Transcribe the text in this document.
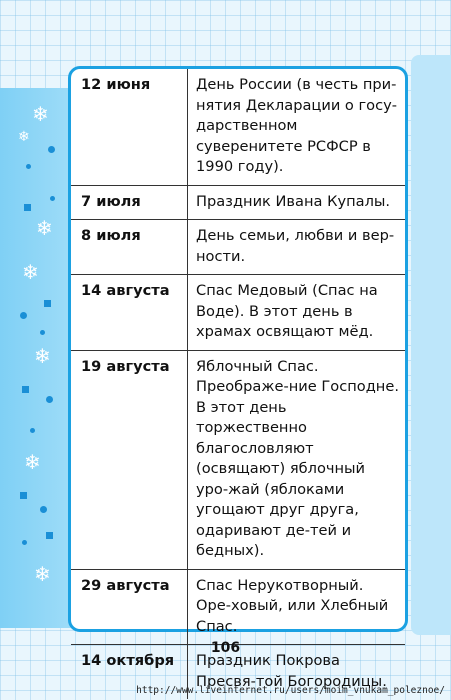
❄
❄
❄
❄
❄
❄
❄
12 июня	День России (в честь при-нятия Декларации о госу-дарственном суверенитете РСФСР в 1990 году).
7 июля	Праздник Ивана Купалы.
8 июля	День семьи, любви и вер-ности.
14 августа	Спас Медовый (Спас на Воде). В этот день в храмах освящают мёд.
19 августа	Яблочный Спас. Преображе-ние Господне. В этот день торжественно благословляют (освящают) яблочный уро-жай (яблоками угощают друг друга, одаривают де-тей и бедных).
29 августа	Спас Нерукотворный. Оре-ховый, или Хлебный Спас.
14 октября	Праздник Покрова Пресвя-той Богородицы.
106
http://www.liveinternet.ru/users/moim_vnukam_poleznoe/
